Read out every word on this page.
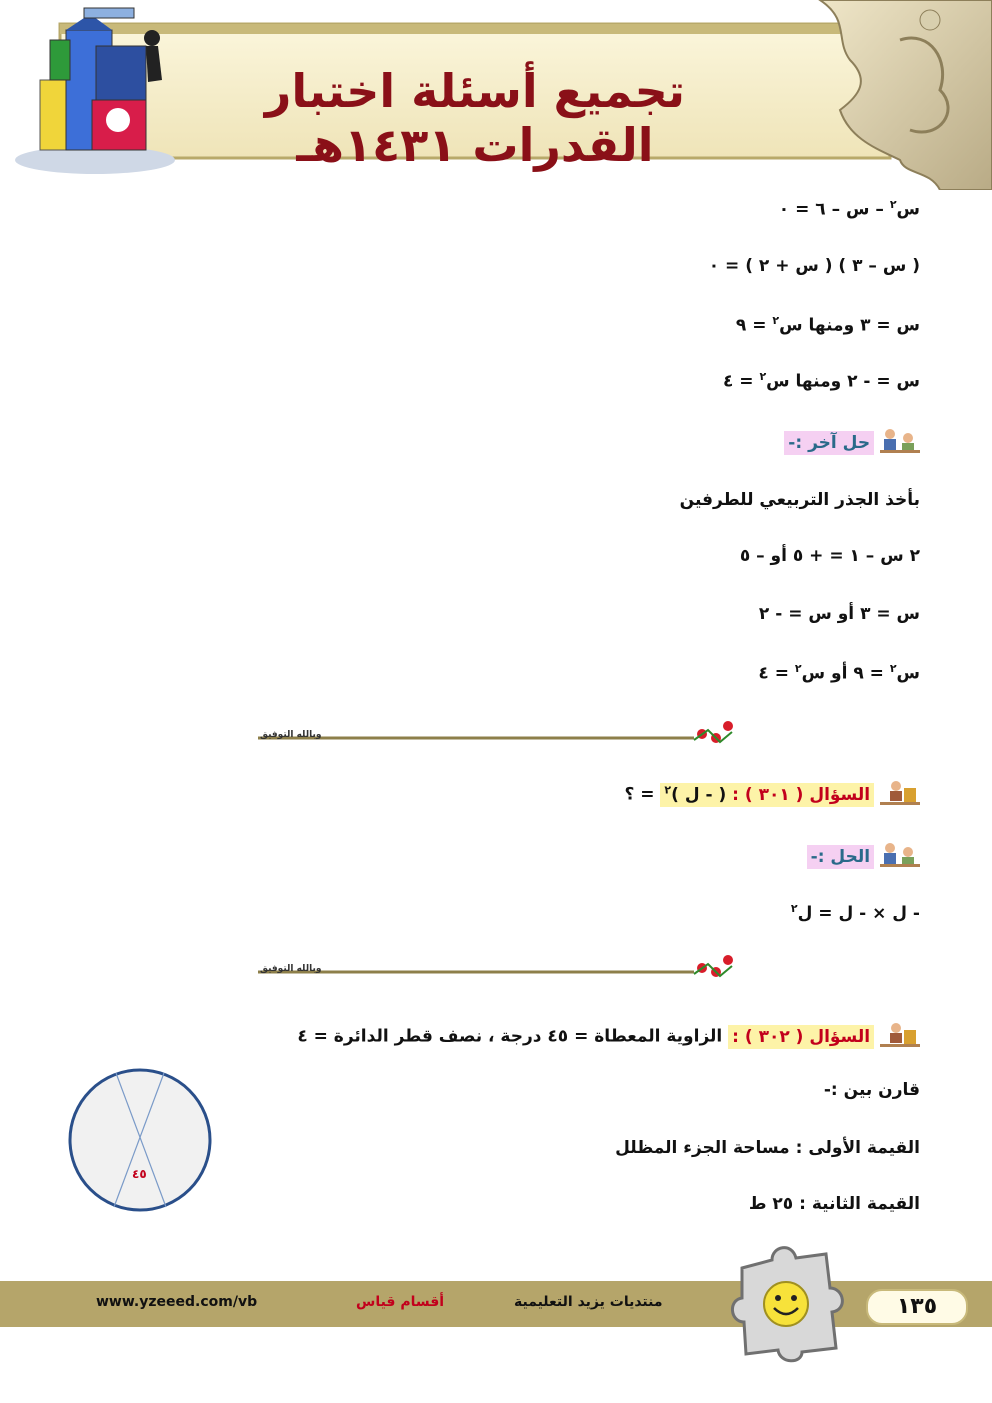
تجميع أسئلة اختبار القدرات ١٤٣١هـ
س$^٢$ – س – ٦ = ٠
( س – ٣ ) ( س + ٢ ) = ٠
س = ٣ ومنها س$^٢$ = ٩
س = - ٢ ومنها س$^٢$ = ٤
حل آخر :-
بأخذ الجذر التربيعي للطرفين
٢ س – ١ = + ٥ أو – ٥
س = ٣ أو س = - ٢
س$^٢$ = ٩ أو س$^٢$ = ٤
وبالله التوفيق
السؤال ( ٣٠١ ) : ( - ل )$^٢$ = ؟
الحل :-
- ل × - ل = ل$^٢$
وبالله التوفيق
السؤال ( ٣٠٢ ) : الزاوية المعطاة = ٤٥ درجة ، نصف قطر الدائرة = ٤
قارن بين :-
القيمة الأولى : مساحة الجزء المظلل
القيمة الثانية : ٢٥ ط
٤٥
١٣٥
منتديات يزيد التعليمية
أقسام قياس
www.yzeeed.com/vb
